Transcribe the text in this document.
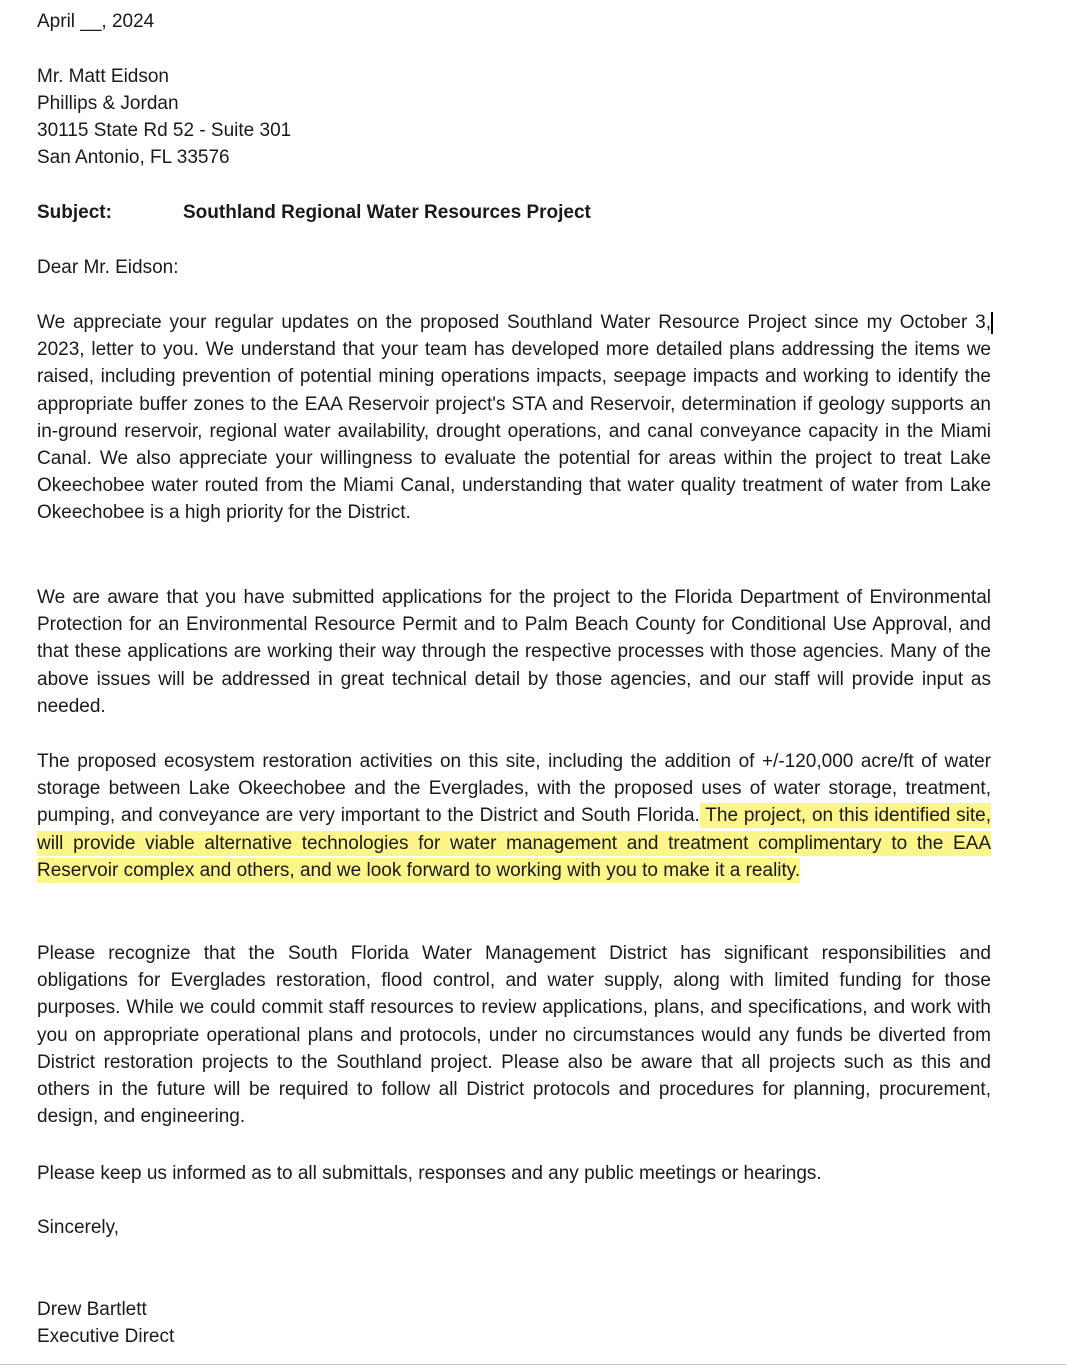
April __, 2024
Mr. Matt Eidson
Phillips & Jordan
30115 State Rd 52 - Suite 301
San Antonio, FL 33576
Subject:	Southland Regional Water Resources Project
Dear Mr. Eidson:
We appreciate your regular updates on the proposed Southland Water Resource Project since my October 3, 2023, letter to you. We understand that your team has developed more detailed plans addressing the items we raised, including prevention of potential mining operations impacts, seepage impacts and working to identify the appropriate buffer zones to the EAA Reservoir project's STA and Reservoir, determination if geology supports an in-ground reservoir, regional water availability, drought operations, and canal conveyance capacity in the Miami Canal. We also appreciate your willingness to evaluate the potential for areas within the project to treat Lake Okeechobee water routed from the Miami Canal, understanding that water quality treatment of water from Lake Okeechobee is a high priority for the District.
We are aware that you have submitted applications for the project to the Florida Department of Environmental Protection for an Environmental Resource Permit and to Palm Beach County for Conditional Use Approval, and that these applications are working their way through the respective processes with those agencies. Many of the above issues will be addressed in great technical detail by those agencies, and our staff will provide input as needed.
The proposed ecosystem restoration activities on this site, including the addition of +/-120,000 acre/ft of water storage between Lake Okeechobee and the Everglades, with the proposed uses of water storage, treatment, pumping, and conveyance are very important to the District and South Florida. The project, on this identified site, will provide viable alternative technologies for water management and treatment complimentary to the EAA Reservoir complex and others, and we look forward to working with you to make it a reality.
Please recognize that the South Florida Water Management District has significant responsibilities and obligations for Everglades restoration, flood control, and water supply, along with limited funding for those purposes. While we could commit staff resources to review applications, plans, and specifications, and work with you on appropriate operational plans and protocols, under no circumstances would any funds be diverted from District restoration projects to the Southland project. Please also be aware that all projects such as this and others in the future will be required to follow all District protocols and procedures for planning, procurement, design, and engineering.
Please keep us informed as to all submittals, responses and any public meetings or hearings.
Sincerely,
Drew Bartlett
Executive Direct
